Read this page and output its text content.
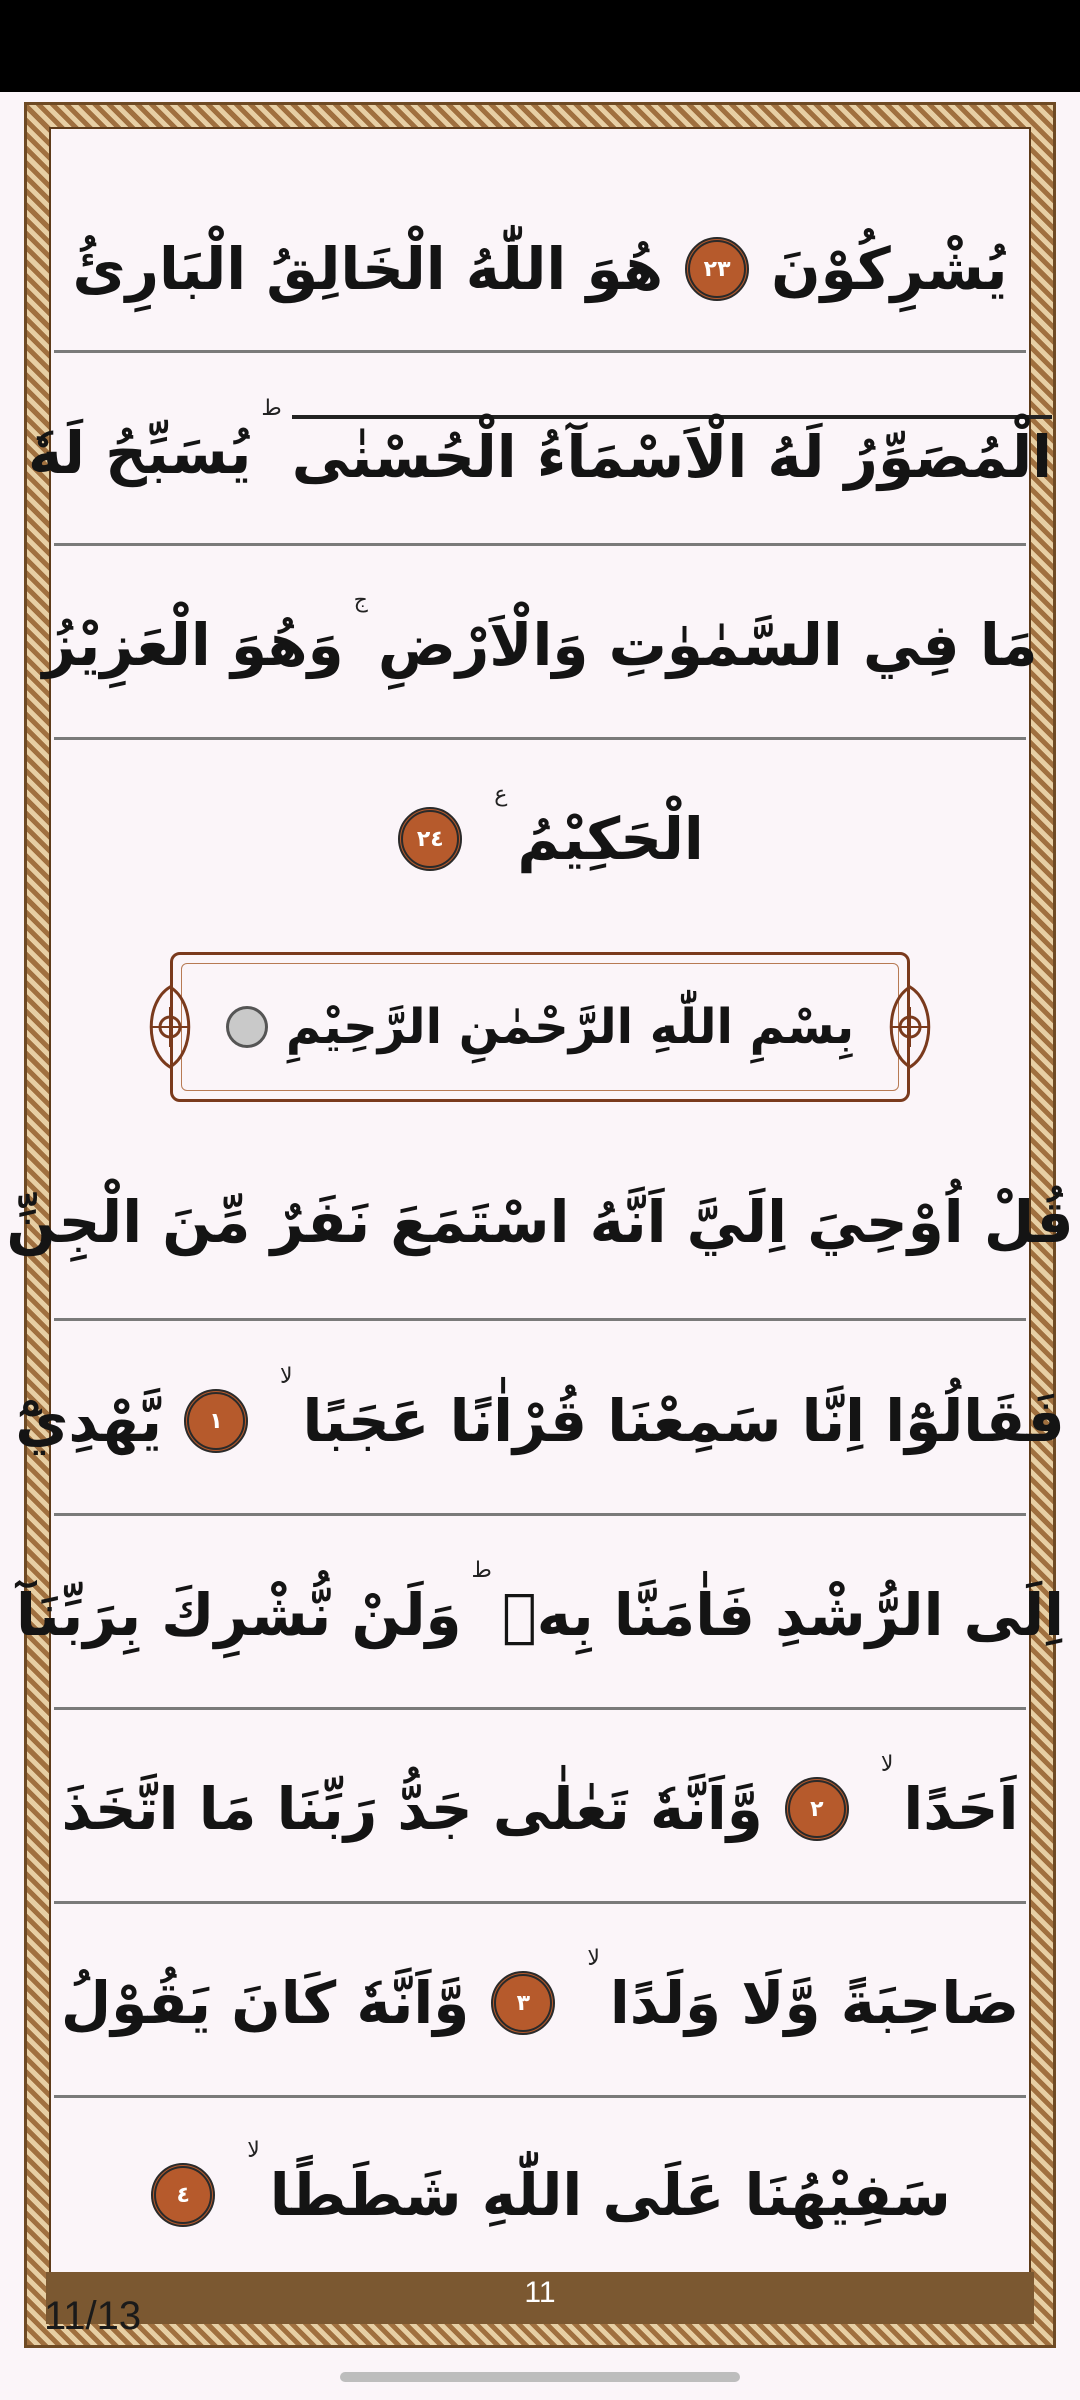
يُشْرِكُوْنَ
٢٣
هُوَ اللّٰهُ الْخَالِقُ الْبَارِئُ
الْمُصَوِّرُ لَهُ الْاَسْمَآءُ الْحُسْنٰى
ط
يُسَبِّحُ لَهٗ
مَا فِي السَّمٰوٰتِ وَالْاَرْضِ
ج
وَهُوَ الْعَزِيْزُ
الْحَكِيْمُ
ع
٢٤
بِسْمِ اللّٰهِ الرَّحْمٰنِ الرَّحِيْمِ
قُلْ اُوْحِيَ اِلَيَّ اَنَّهُ اسْتَمَعَ نَفَرٌ مِّنَ الْجِنِّ
فَقَالُوْٓا اِنَّا سَمِعْنَا قُرْاٰنًا عَجَبًا
لا
١
يَّهْدِيْٓ
اِلَى الرُّشْدِ فَاٰمَنَّا بِهٖ
ط
وَلَنْ نُّشْرِكَ بِرَبِّنَآ
اَحَدًا
لا
٢
وَّاَنَّهٗ تَعٰلٰى جَدُّ رَبِّنَا مَا اتَّخَذَ
صَاحِبَةً وَّلَا وَلَدًا
لا
٣
وَّاَنَّهٗ كَانَ يَقُوْلُ
سَفِيْهُنَا عَلَى اللّٰهِ شَطَطًا
لا
٤
11
11/13
